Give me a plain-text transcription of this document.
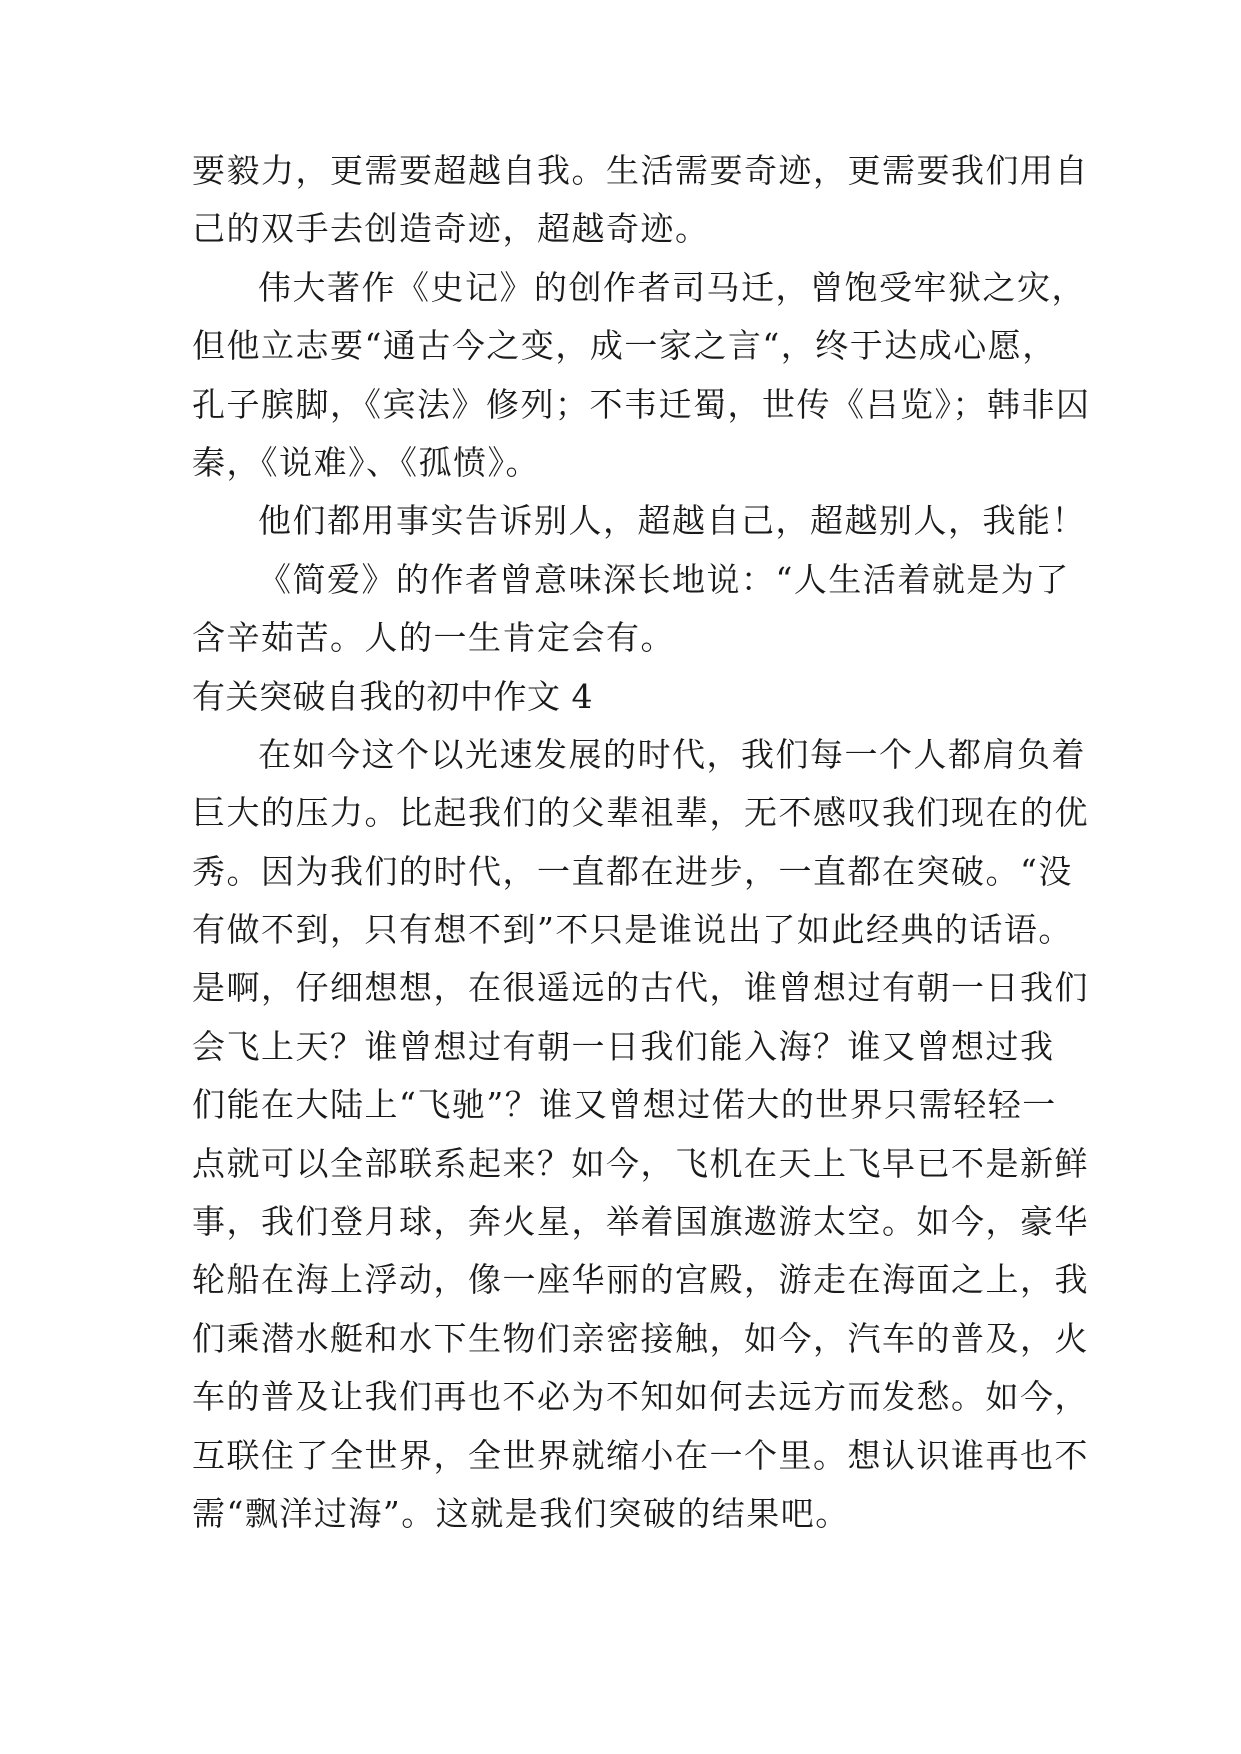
要毅力，更需要超越自我。生活需要奇迹，更需要我们用自
己的双手去创造奇迹，超越奇迹。
伟大著作《史记》的创作者司马迁，曾饱受牢狱之灾，
但他立志要“通古今之变，成一家之言“，终于达成心愿，
孔子膑脚，《宾法》修列；不韦迁蜀，世传《吕览》；韩非囚
秦，《说难》、《孤愤》。
他们都用事实告诉别人，超越自己，超越别人，我能！
《简爱》的作者曾意味深长地说：“人生活着就是为了
含辛茹苦。人的一生肯定会有。
有关突破自我的初中作文 4
在如今这个以光速发展的时代，我们每一个人都肩负着
巨大的压力。比起我们的父辈祖辈，无不感叹我们现在的优
秀。因为我们的时代，一直都在进步，一直都在突破。“没
有做不到，只有想不到”不只是谁说出了如此经典的话语。
是啊，仔细想想，在很遥远的古代，谁曾想过有朝一日我们
会飞上天？谁曾想过有朝一日我们能入海？谁又曾想过我
们能在大陆上“飞驰”？谁又曾想过偌大的世界只需轻轻一
点就可以全部联系起来？如今，飞机在天上飞早已不是新鲜
事，我们登月球，奔火星，举着国旗遨游太空。如今，豪华
轮船在海上浮动，像一座华丽的宫殿，游走在海面之上，我
们乘潜水艇和水下生物们亲密接触，如今，汽车的普及，火
车的普及让我们再也不必为不知如何去远方而发愁。如今，
互联住了全世界，全世界就缩小在一个里。想认识谁再也不
需“飘洋过海”。这就是我们突破的结果吧。
